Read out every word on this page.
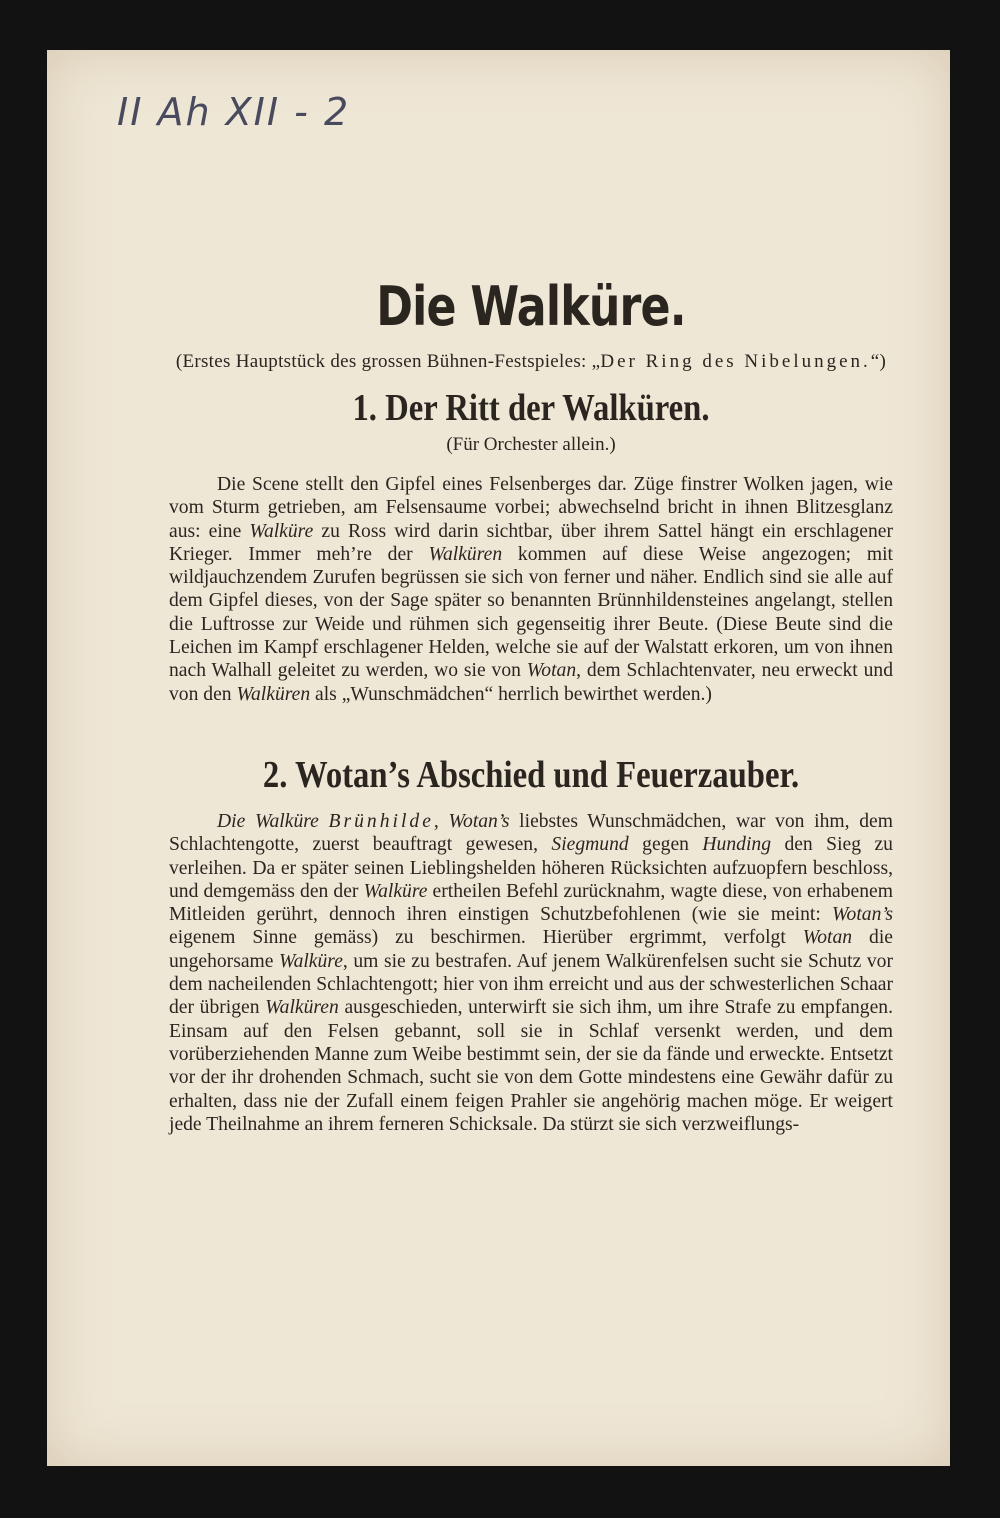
II Ah XII - 2
Die Walküre.

(Erstes Hauptstück des grossen Bühnen-Festspieles: „Der Ring des Nibelungen.“)

1. Der Ritt der Walküren.

(Für Orchester allein.)

Die Scene stellt den Gipfel eines Felsenberges dar. Züge finstrer Wolken jagen, wie vom Sturm getrieben, am Felsensaume vorbei; abwechselnd bricht in ihnen Blitzesglanz aus: eine Walküre zu Ross wird darin sichtbar, über ihrem Sattel hängt ein erschlagener Krieger. Immer meh’re der Walküren kommen auf diese Weise angezogen; mit wildjauchzendem Zurufen begrüssen sie sich von ferner und näher. Endlich sind sie alle auf dem Gipfel dieses, von der Sage später so benannten Brünnhildensteines angelangt, stellen die Luftrosse zur Weide und rühmen sich gegenseitig ihrer Beute. (Diese Beute sind die Leichen im Kampf erschlagener Helden, welche sie auf der Walstatt erkoren, um von ihnen nach Walhall geleitet zu werden, wo sie von Wotan, dem Schlachtenvater, neu erweckt und von den Walküren als „Wunschmädchen“ herrlich bewirthet werden.)

2. Wotan’s Abschied und Feuerzauber.

Die Walküre Brünhilde, Wotan’s liebstes Wunschmädchen, war von ihm, dem Schlachtengotte, zuerst beauftragt gewesen, Siegmund gegen Hunding den Sieg zu verleihen. Da er später seinen Lieblingshelden höheren Rücksichten aufzuopfern beschloss, und demgemäss den der Walküre ertheilen Befehl zurücknahm, wagte diese, von erhabenem Mitleiden gerührt, dennoch ihren einstigen Schutzbefohlenen (wie sie meint: Wotan’s eigenem Sinne gemäss) zu beschirmen. Hierüber ergrimmt, verfolgt Wotan die ungehorsame Walküre, um sie zu bestrafen. Auf jenem Walkürenfelsen sucht sie Schutz vor dem nacheilenden Schlachtengott; hier von ihm erreicht und aus der schwesterlichen Schaar der übrigen Walküren ausgeschieden, unterwirft sie sich ihm, um ihre Strafe zu empfangen. Einsam auf den Felsen gebannt, soll sie in Schlaf versenkt werden, und dem vorüberziehenden Manne zum Weibe bestimmt sein, der sie da fände und erweckte. Entsetzt vor der ihr drohenden Schmach, sucht sie von dem Gotte mindestens eine Gewähr dafür zu erhalten, dass nie der Zufall einem feigen Prahler sie angehörig machen möge. Er weigert jede Theilnahme an ihrem ferneren Schicksale. Da stürzt sie sich verzweiflungs-
